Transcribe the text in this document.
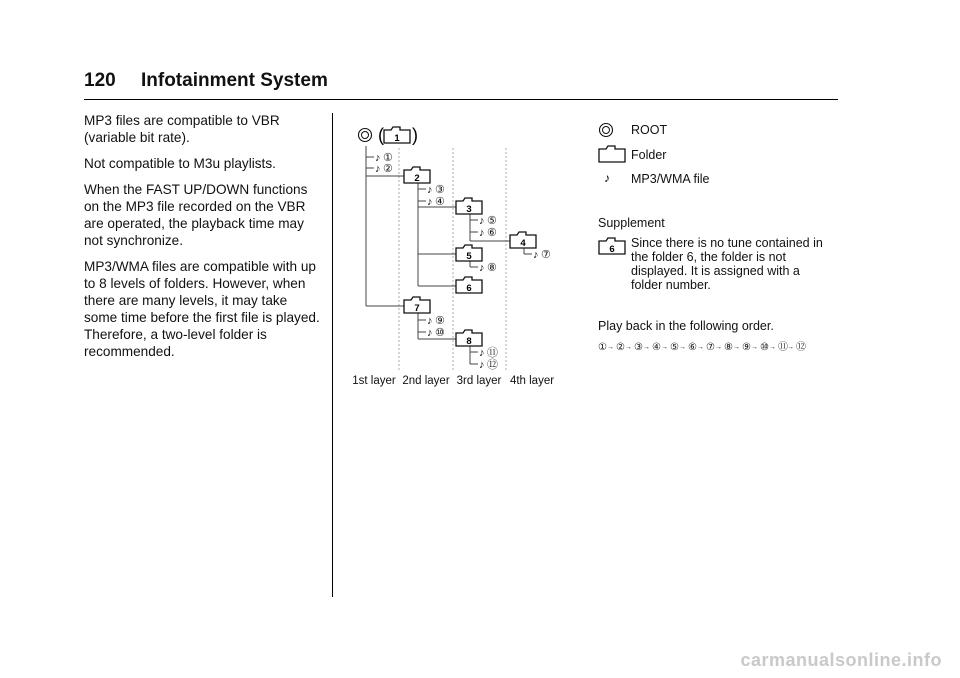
120 Infotainment System

MP3 files are compatible to VBR (variable bit rate).

Not compatible to M3u playlists.

When the FAST UP/DOWN functions on the MP3 file recorded on the VBR are operated, the playback time may not synchronize.

MP3/WMA files are compatible with up to 8 levels of folders. However, when there are many levels, it may take some time before the first file is played. Therefore, a two-level folder is recommended.

( 1 )
2
3
4
5
6
7
8
♪
♪
♪
♪
♪
♪
♪
♪
♪
♪
♪
♪
①
②
③
④
⑤
⑥
⑦
⑧
⑨
⑩
⑪
⑫
1st layer 2nd layer 3rd layer 4th layer
♪
6
① → ② → ③ → ④ → ⑤ → ⑥ → ⑦ → ⑧ → ⑨ → ⑩ → ⑪ → ⑫
ROOT
Folder
MP3/WMA file
Supplement
Since there is no tune contained in the folder 6, the folder is not displayed. It is assigned with a folder number.
Play back in the following order.
carmanualsonline.info
